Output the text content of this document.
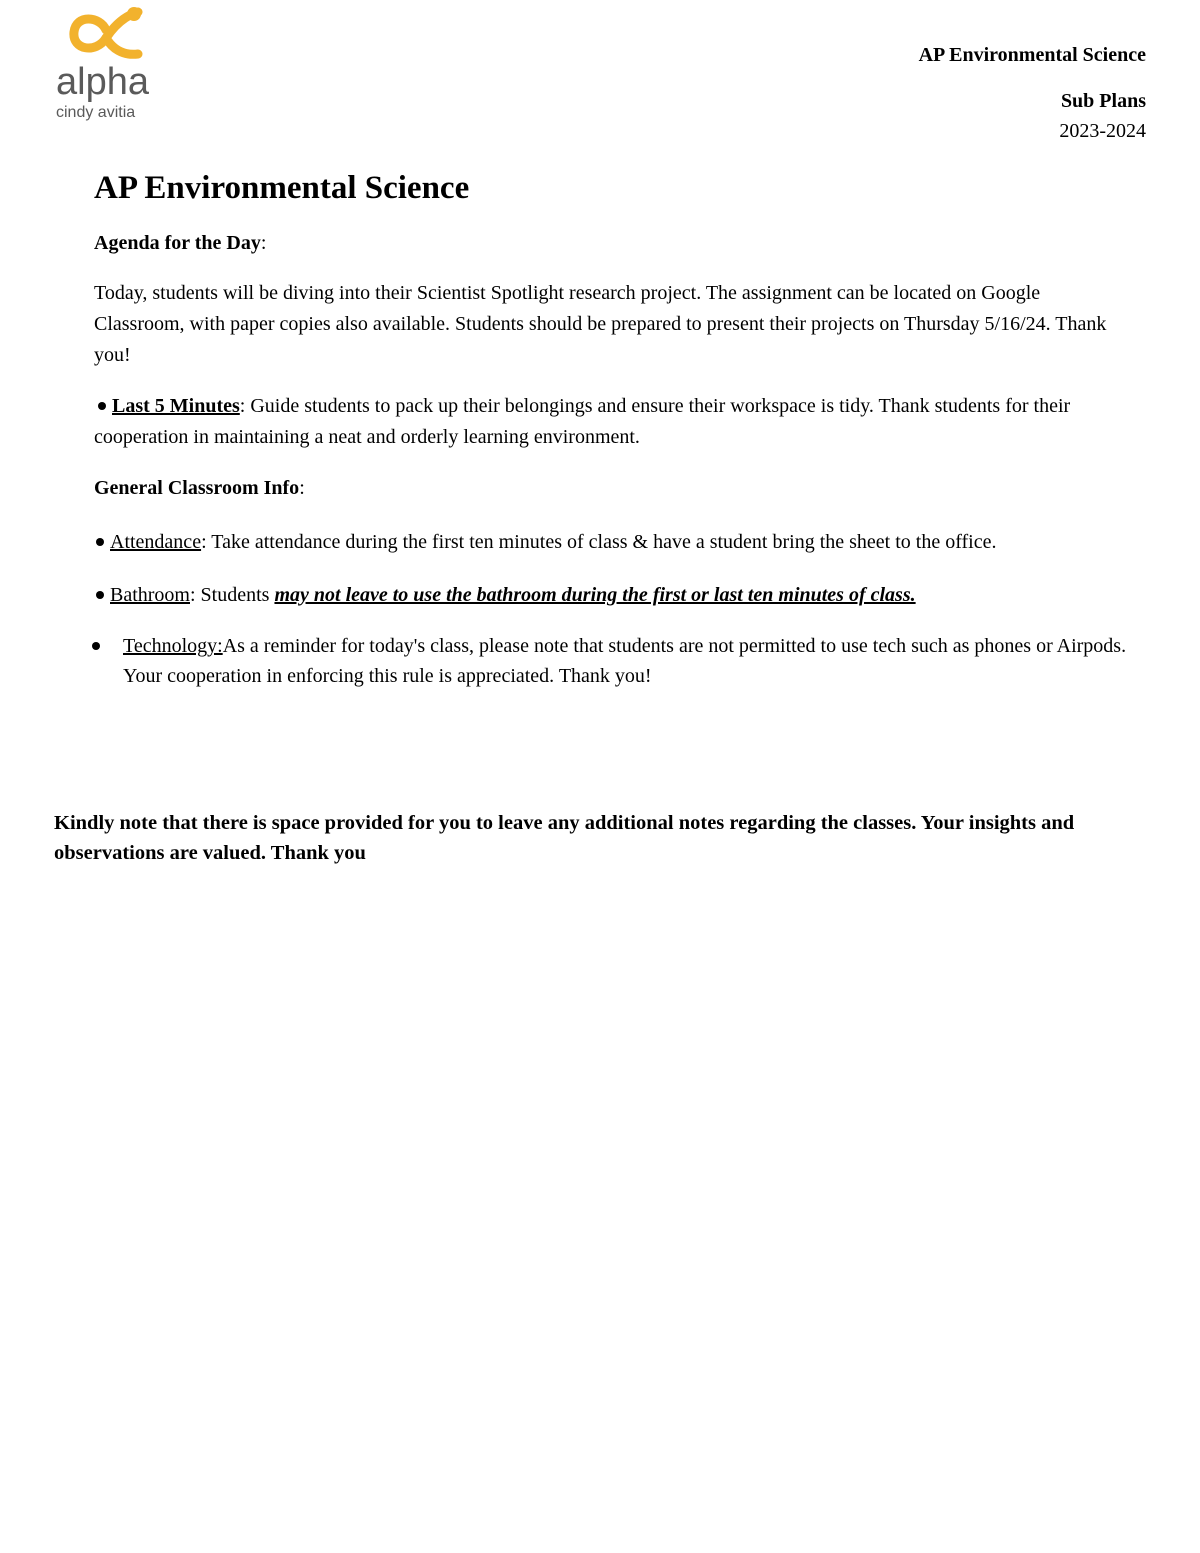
alpha
cindy avitia
AP Environmental Science
Sub Plans
2023-2024
AP Environmental Science
Agenda for the Day:

Today, students will be diving into their Scientist Spotlight research project. The assignment can be located on Google Classroom, with paper copies also available. Students should be prepared to present their projects on Thursday 5/16/24. Thank you!

Last 5 Minutes: Guide students to pack up their belongings and ensure their workspace is tidy. Thank students for their cooperation in maintaining a neat and orderly learning environment.
General Classroom Info:
Attendance: Take attendance during the first ten minutes of class & have a student bring the sheet to the office.
Bathroom: Students may not leave to use the bathroom during the first or last ten minutes of class.
Technology:As a reminder for today's class, please note that students are not permitted to use tech such as phones or Airpods. Your cooperation in enforcing this rule is appreciated. Thank you!
Kindly note that there is space provided for you to leave any additional notes regarding the classes. Your insights and observations are valued. Thank you
